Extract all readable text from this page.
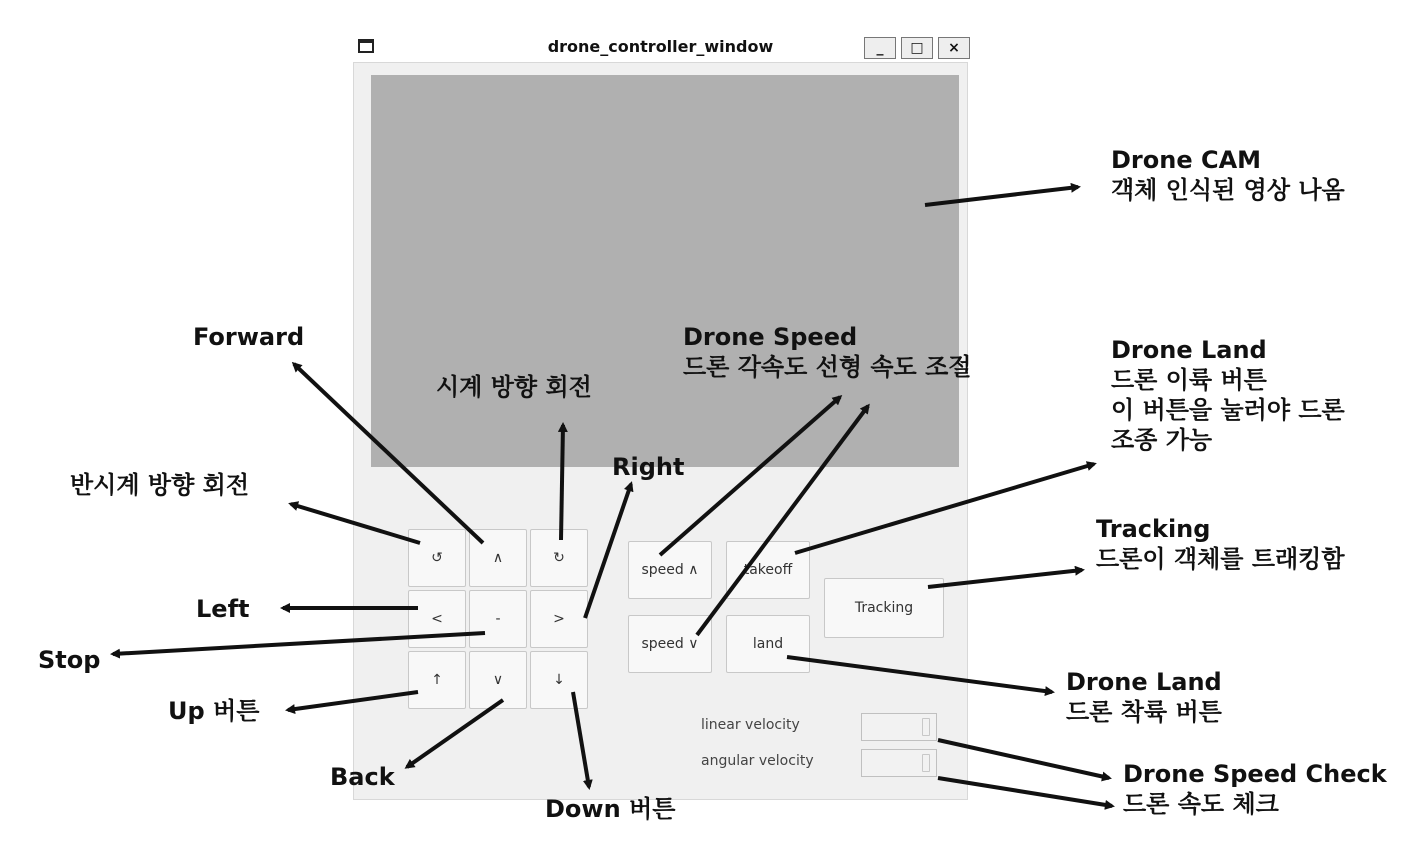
drone_controller_window	_	□	×
↺	∧	↻
<	-	>
↑	∨	↓
speed ∧
speed ∨
takeoff
land
Tracking
linear velocity
angular velocity
Drone CAM
객체 인식된 영상 나옴
Forward
시계 방향 회전
Drone Speed
드론 각속도 선형 속도 조절
Drone Land
드론 이륙 버튼
이 버튼을 눌러야 드론
조종 가능
반시계 방향 회전
Right
Tracking
드론이 객체를 트래킹함
Left
Stop
Up 버튼
Drone Land
드론 착륙 버튼
Back	Drone Speed Check
드론 속도 체크
Down 버튼
